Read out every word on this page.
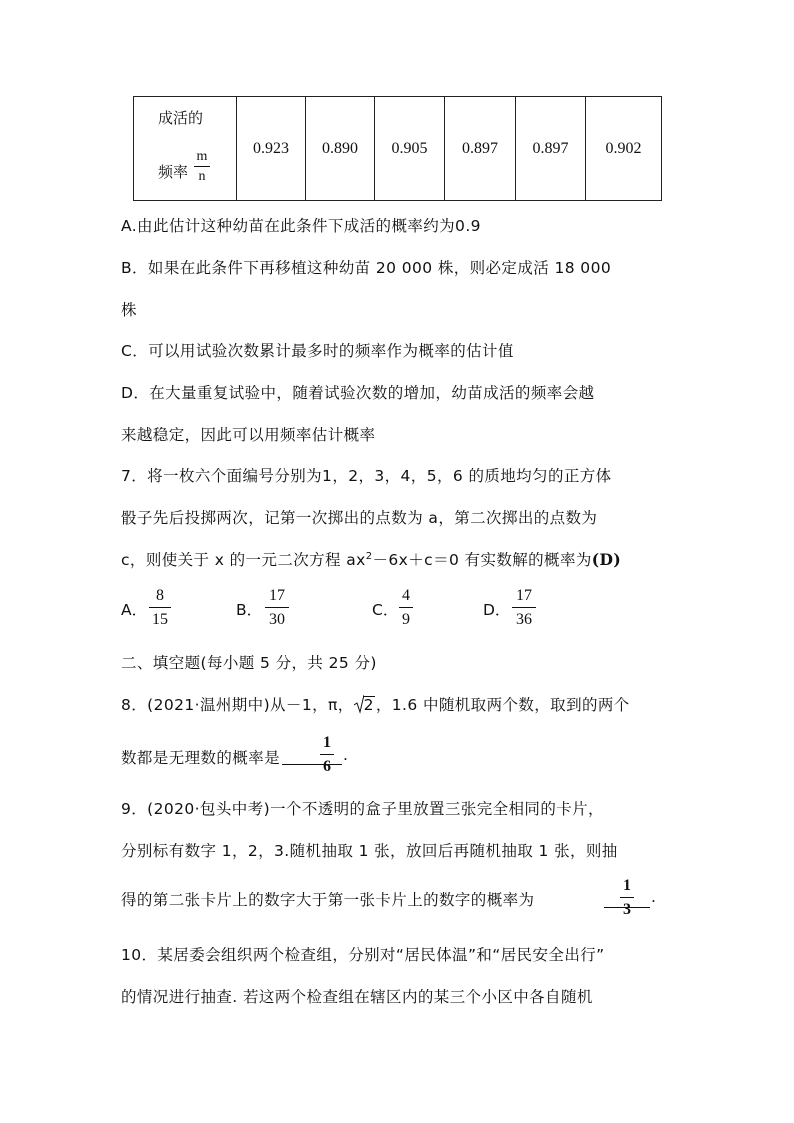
成活的
频率 $\frac{m}{n}$
	0.923	0.890	0.905	0.897	0.897	0.902
A.由此估计这种幼苗在此条件下成活的概率约为0.9
B．如果在此条件下再移植这种幼苗 20 000 株，则必定成活 18 000
株
C．可以用试验次数累计最多时的频率作为概率的估计值
D．在大量重复试验中，随着试验次数的增加，幼苗成活的频率会越
来越稳定，因此可以用频率估计概率
7．将一枚六个面编号分别为1，2，3，4，5，6 的质地均匀的正方体
骰子先后投掷两次，记第一次掷出的点数为 a，第二次掷出的点数为
c，则使关于 x 的一元二次方程 $ax^2-6x+c=0$ 有实数解的概率为(D)
A． $\frac{8}{15}$	B． $\frac{17}{30}$	C． $\frac{4}{9}$	D． $\frac{17}{36}$
二、填空题(每小题 5 分，共 25 分)
8．(2021·温州期中)从－1，π， 2 ，1.6 中随机取两个数，取到的两个
数都是无理数的概率是 $\frac{1}{6}$ .
9．(2020·包头中考)一个不透明的盒子里放置三张完全相同的卡片，
分别标有数字 1，2，3.随机抽取 1 张，放回后再随机抽取 1 张，则抽
得的第二张卡片上的数字大于第一张卡片上的数字的概率为	$\frac{1}{3}$ .
10．某居委会组织两个检查组，分别对“居民体温”和“居民安全出行”
的情况进行抽查. 若这两个检查组在辖区内的某三个小区中各自随机
